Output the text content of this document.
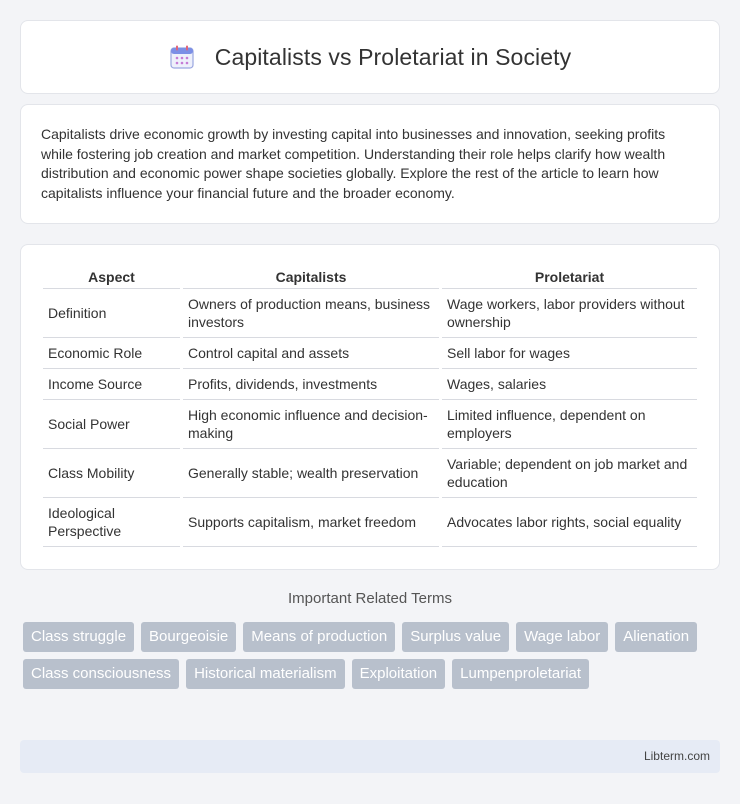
Capitalists vs Proletariat in Society

Capitalists drive economic growth by investing capital into businesses and innovation, seeking profits while fostering job creation and market competition. Understanding their role helps clarify how wealth distribution and economic power shape societies globally. Explore the rest of the article to learn how capitalists influence your financial future and the broader economy.

Aspect	Capitalists	Proletariat
Definition	Owners of production means, business investors	Wage workers, labor providers without ownership
Economic Role	Control capital and assets	Sell labor for wages
Income Source	Profits, dividends, investments	Wages, salaries
Social Power	High economic influence and decision-making	Limited influence, dependent on employers
Class Mobility	Generally stable; wealth preservation	Variable; dependent on job market and education
Ideological Perspective	Supports capitalism, market freedom	Advocates labor rights, social equality
Important Related Terms
Class struggle	Bourgeoisie	Means of production	Surplus value	Wage labor	Alienation
Class consciousness	Historical materialism	Exploitation	Lumpenproletariat
Libterm.com
